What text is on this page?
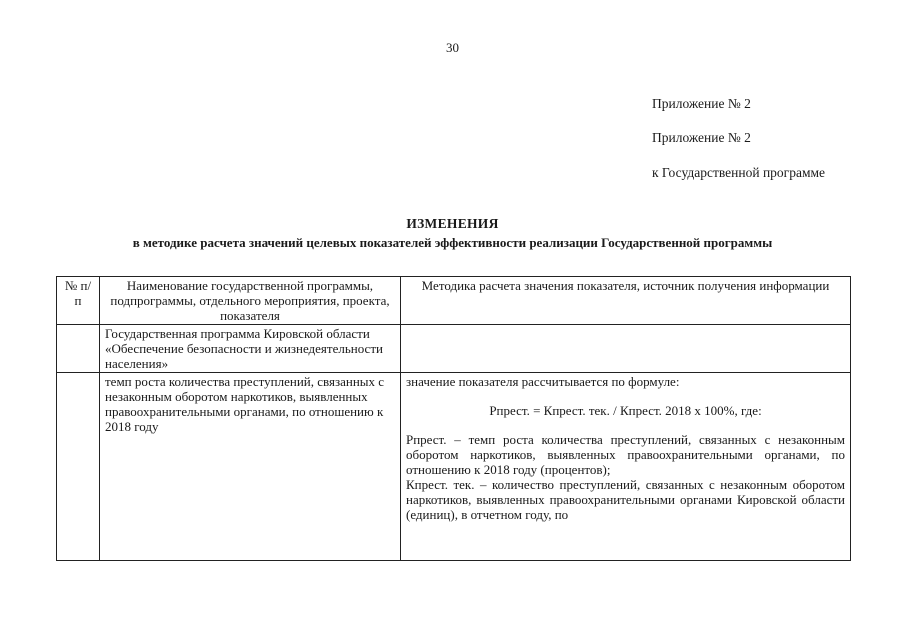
30
Приложение № 2
Приложение № 2
к Государственной программе
ИЗМЕНЕНИЯ
в методике расчета значений целевых показателей эффективности реализации Государственной программы
№ п/п	Наименование государственной программы, подпрограммы, отдельного мероприятия, проекта, показателя	Методика расчета значения показателя, источник получения информации
	Государственная программа Кировской области «Обеспечение безопасности и жизнедеятельности населения»	
	темп роста количества преступлений, связанных с незаконным оборотом наркотиков, выявленных правоохранительными органами, по отношению к 2018 году	значение показателя рассчитывается по формуле:
Рпрест. = Кпрест. тек. / Кпрест. 2018 x 100%, где:
Рпрест. – темп роста количества преступлений, связанных с незаконным оборотом наркотиков, выявленных правоохранительными органами, по отношению к 2018 году (процентов);
Кпрест. тек. – количество преступлений, связанных с незаконным оборотом наркотиков, выявленных правоохранительными органами Кировской области (единиц), в отчетном году, по
